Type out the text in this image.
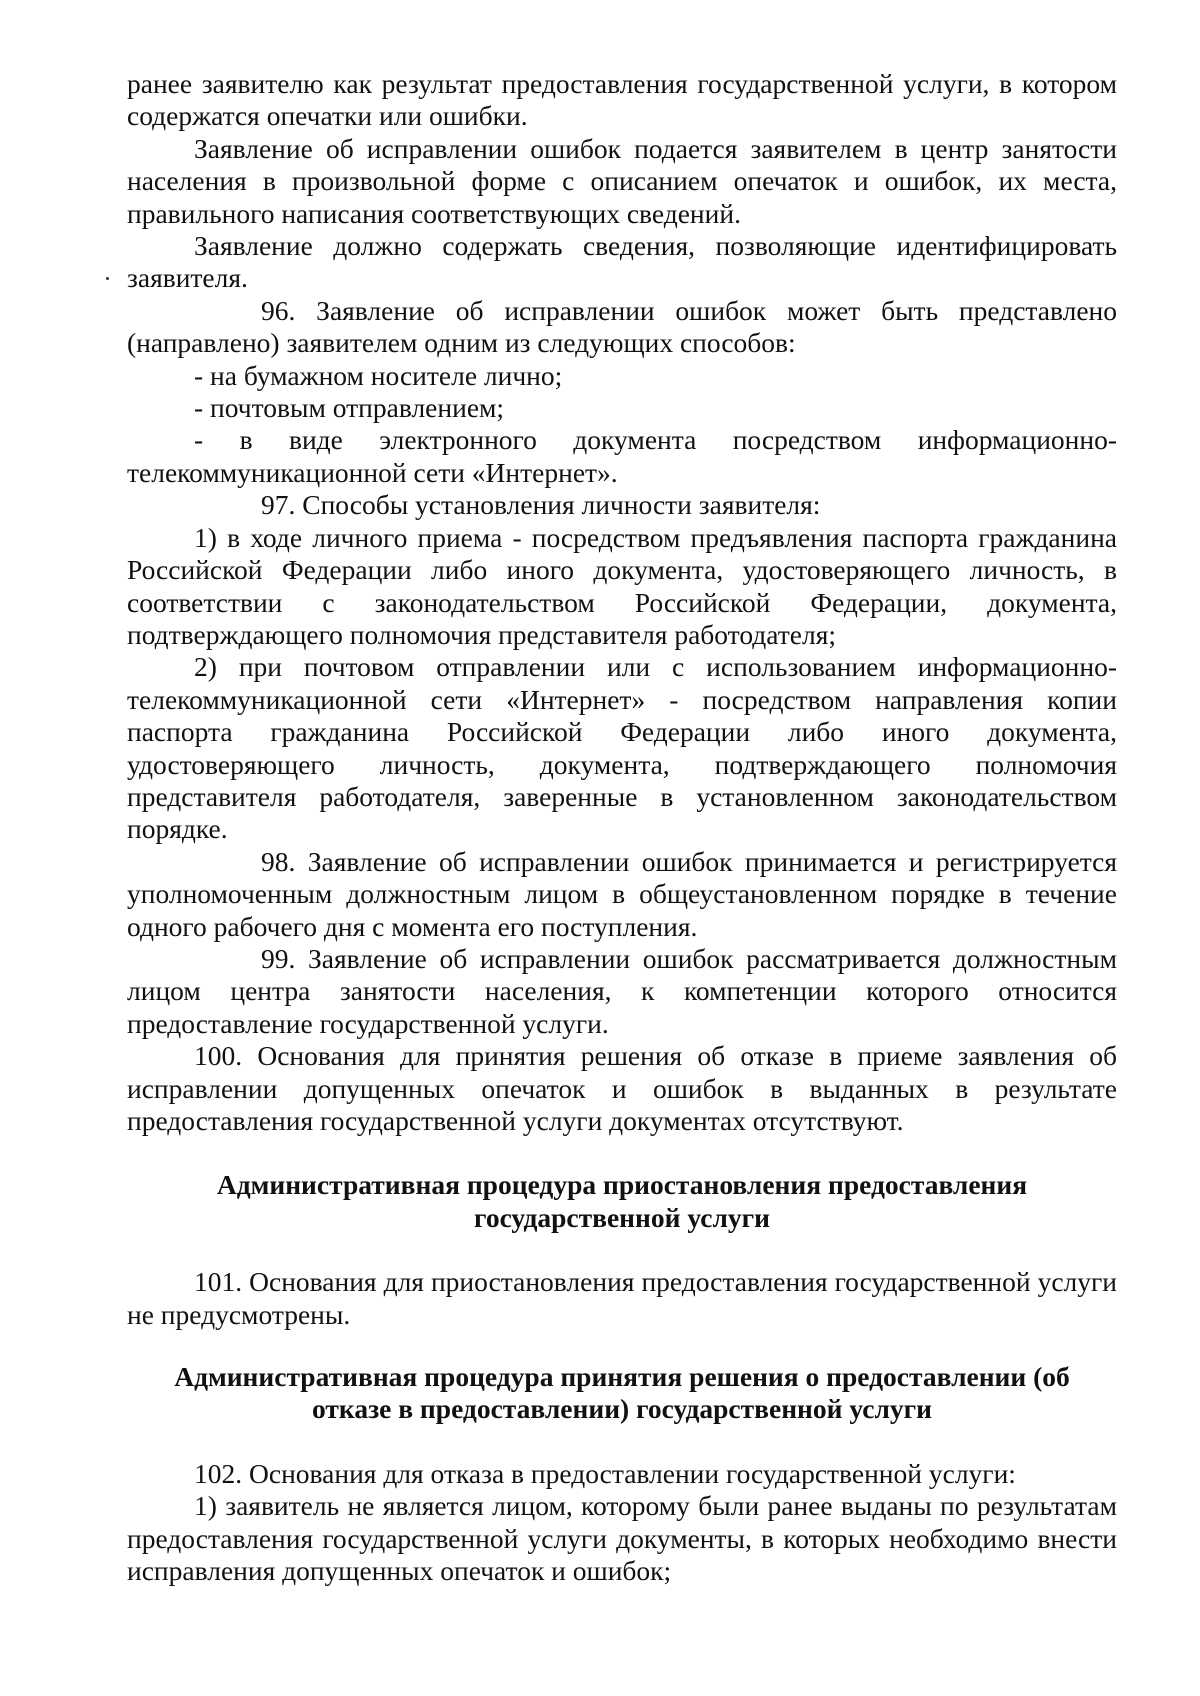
ранее заявителю как результат предоставления государственной услуги, в котором содержатся опечатки или ошибки.

Заявление об исправлении ошибок подается заявителем в центр занятости населения в произвольной форме с описанием опечаток и ошибок, их места, правильного написания соответствующих сведений.

Заявление должно содержать сведения, позволяющие идентифицировать заявителя.

96. Заявление об исправлении ошибок может быть представлено (направлено) заявителем одним из следующих способов:

- на бумажном носителе лично;

- почтовым отправлением;

- в виде электронного документа посредством информационно-телекоммуникационной сети «Интернет».

97. Способы установления личности заявителя:

1) в ходе личного приема - посредством предъявления паспорта гражданина Российской Федерации либо иного документа, удостоверяющего личность, в соответствии с законодательством Российской Федерации, документа, подтверждающего полномочия представителя работодателя;

2) при почтовом отправлении или с использованием информационно-телекоммуникационной сети «Интернет» - посредством направления копии паспорта гражданина Российской Федерации либо иного документа, удостоверяющего личность, документа, подтверждающего полномочия представителя работодателя, заверенные в установленном законодательством порядке.

98. Заявление об исправлении ошибок принимается и регистрируется уполномоченным должностным лицом в общеустановленном порядке в течение одного рабочего дня с момента его поступления.

99. Заявление об исправлении ошибок рассматривается должностным лицом центра занятости населения, к компетенции которого относится предоставление государственной услуги.

100. Основания для принятия решения об отказе в приеме заявления об исправлении допущенных опечаток и ошибок в выданных в результате предоставления государственной услуги документах отсутствуют.

Административная процедура приостановления предоставления государственной услуги

101. Основания для приостановления предоставления государственной услуги не предусмотрены.

Административная процедура принятия решения о предоставлении (об отказе в предоставлении) государственной услуги

102. Основания для отказа в предоставлении государственной услуги:

1) заявитель не является лицом, которому были ранее выданы по результатам предоставления государственной услуги документы, в которых необходимо внести исправления допущенных опечаток и ошибок;
